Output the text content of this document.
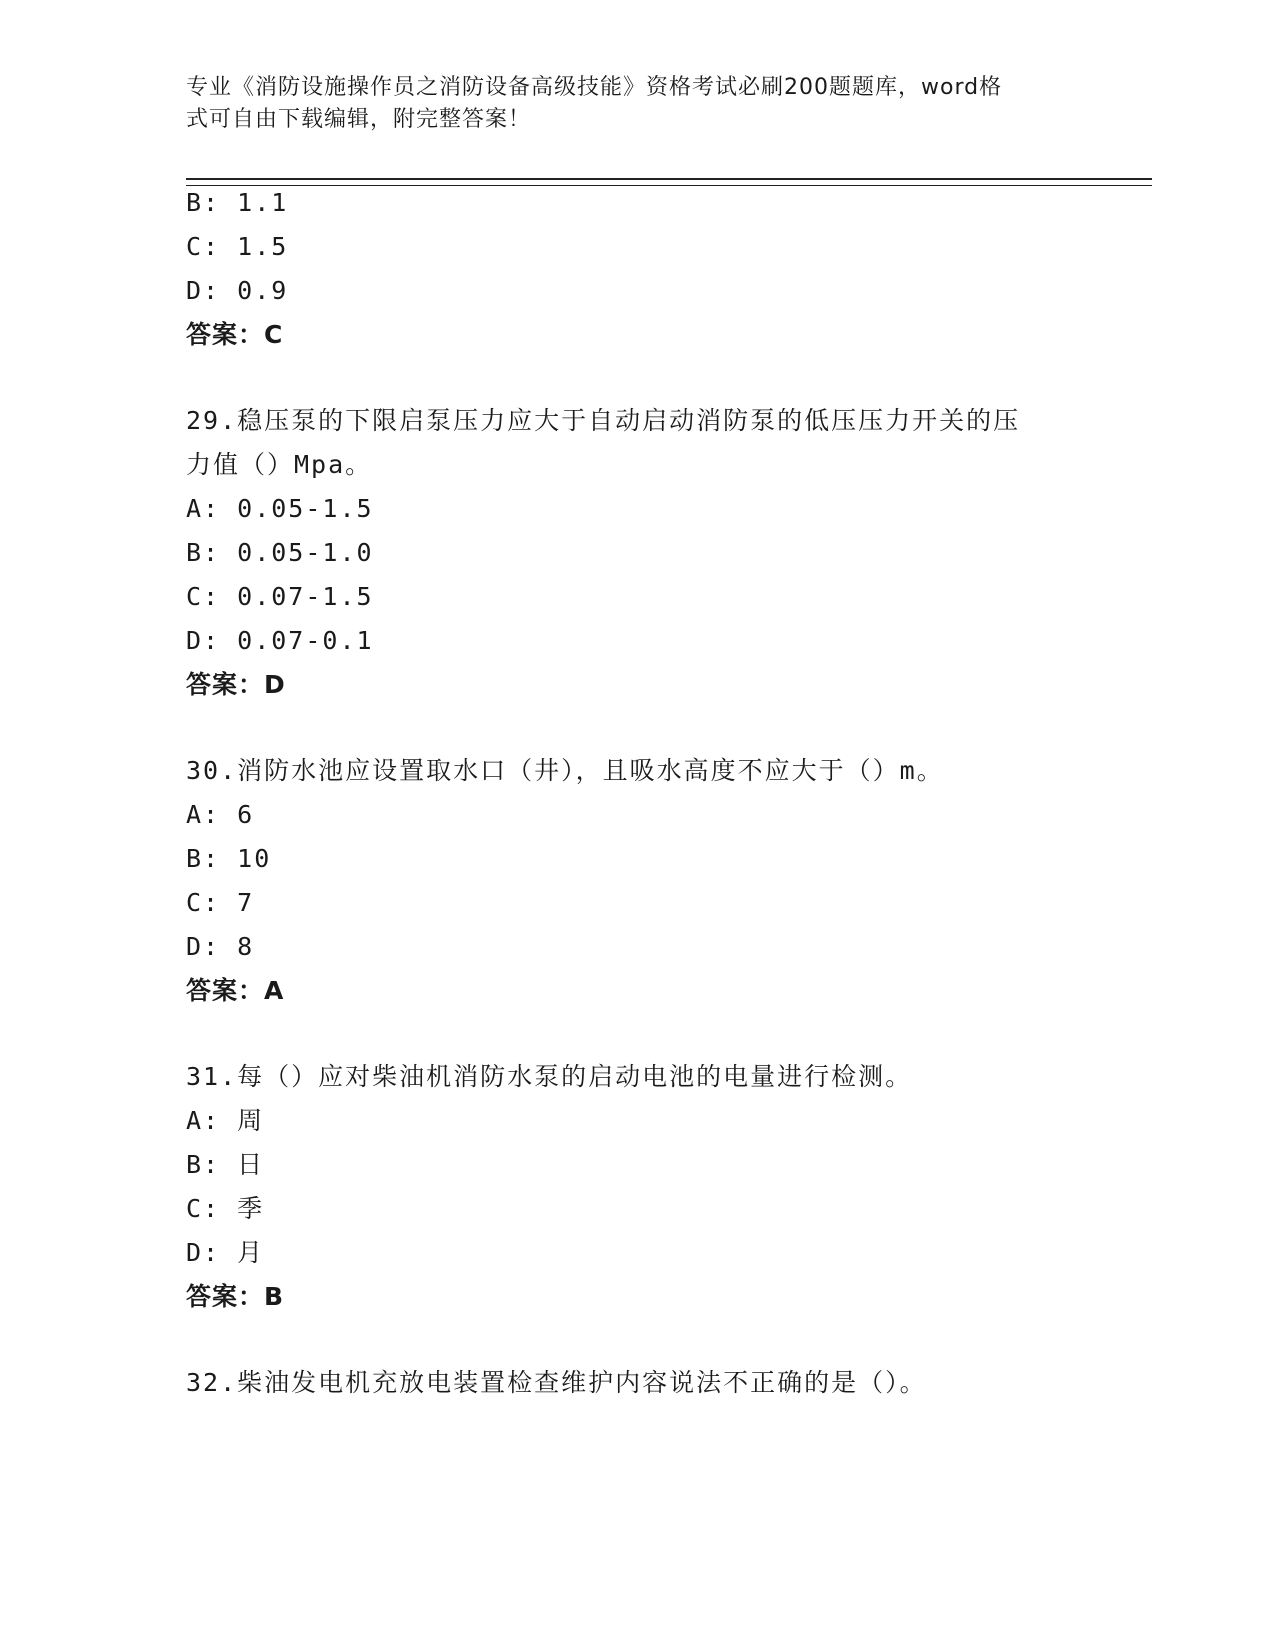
专业《消防设施操作员之消防设备高级技能》资格考试必刷200题题库，word格
式可自由下载编辑，附完整答案！
B: 1.1
C: 1.5
D: 0.9
答案：C
29.稳压泵的下限启泵压力应大于自动启动消防泵的低压压力开关的压
力值（）Mpa。
A: 0.05-1.5
B: 0.05-1.0
C: 0.07-1.5
D: 0.07-0.1
答案：D
30.消防水池应设置取水口（井），且吸水高度不应大于（）m。
A: 6
B: 10
C: 7
D: 8
答案：A
31.每（）应对柴油机消防水泵的启动电池的电量进行检测。
A: 周
B: 日
C: 季
D: 月
答案：B
32.柴油发电机充放电装置检查维护内容说法不正确的是（）。
